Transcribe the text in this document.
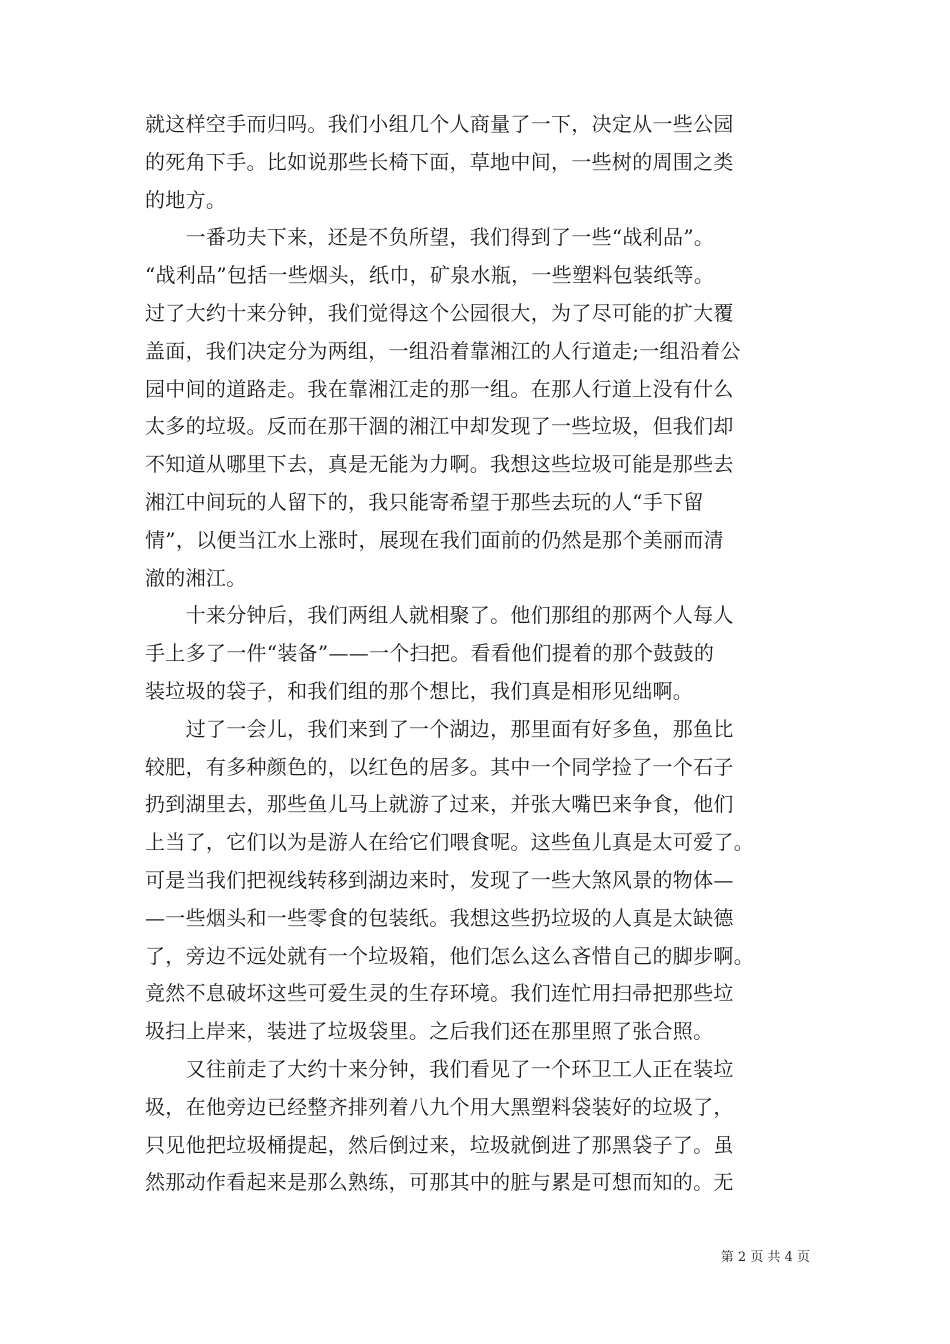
就这样空手而归吗。我们小组几个人商量了一下，决定从一些公园
的死角下手。比如说那些长椅下面，草地中间，一些树的周围之类
的地方。
　　一番功夫下来，还是不负所望，我们得到了一些“战利品”。
“战利品”包括一些烟头，纸巾，矿泉水瓶，一些塑料包装纸等。
过了大约十来分钟，我们觉得这个公园很大，为了尽可能的扩大覆
盖面，我们决定分为两组，一组沿着靠湘江的人行道走;一组沿着公
园中间的道路走。我在靠湘江走的那一组。在那人行道上没有什么
太多的垃圾。反而在那干涸的湘江中却发现了一些垃圾，但我们却
不知道从哪里下去，真是无能为力啊。我想这些垃圾可能是那些去
湘江中间玩的人留下的，我只能寄希望于那些去玩的人“手下留
情”，以便当江水上涨时，展现在我们面前的仍然是那个美丽而清
澈的湘江。
　　十来分钟后，我们两组人就相聚了。他们那组的那两个人每人
手上多了一件“装备”——一个扫把。看看他们提着的那个鼓鼓的
装垃圾的袋子，和我们组的那个想比，我们真是相形见绌啊。
　　过了一会儿，我们来到了一个湖边，那里面有好多鱼，那鱼比
较肥，有多种颜色的，以红色的居多。其中一个同学捡了一个石子
扔到湖里去，那些鱼儿马上就游了过来，并张大嘴巴来争食，他们
上当了，它们以为是游人在给它们喂食呢。这些鱼儿真是太可爱了。
可是当我们把视线转移到湖边来时，发现了一些大煞风景的物体—
—一些烟头和一些零食的包装纸。我想这些扔垃圾的人真是太缺德
了，旁边不远处就有一个垃圾箱，他们怎么这么吝惜自己的脚步啊。
竟然不息破坏这些可爱生灵的生存环境。我们连忙用扫帚把那些垃
圾扫上岸来，装进了垃圾袋里。之后我们还在那里照了张合照。
　　又往前走了大约十来分钟，我们看见了一个环卫工人正在装垃
圾，在他旁边已经整齐排列着八九个用大黑塑料袋装好的垃圾了，
只见他把垃圾桶提起，然后倒过来，垃圾就倒进了那黑袋子了。虽
然那动作看起来是那么熟练，可那其中的脏与累是可想而知的。无
第 2 页 共 4 页
